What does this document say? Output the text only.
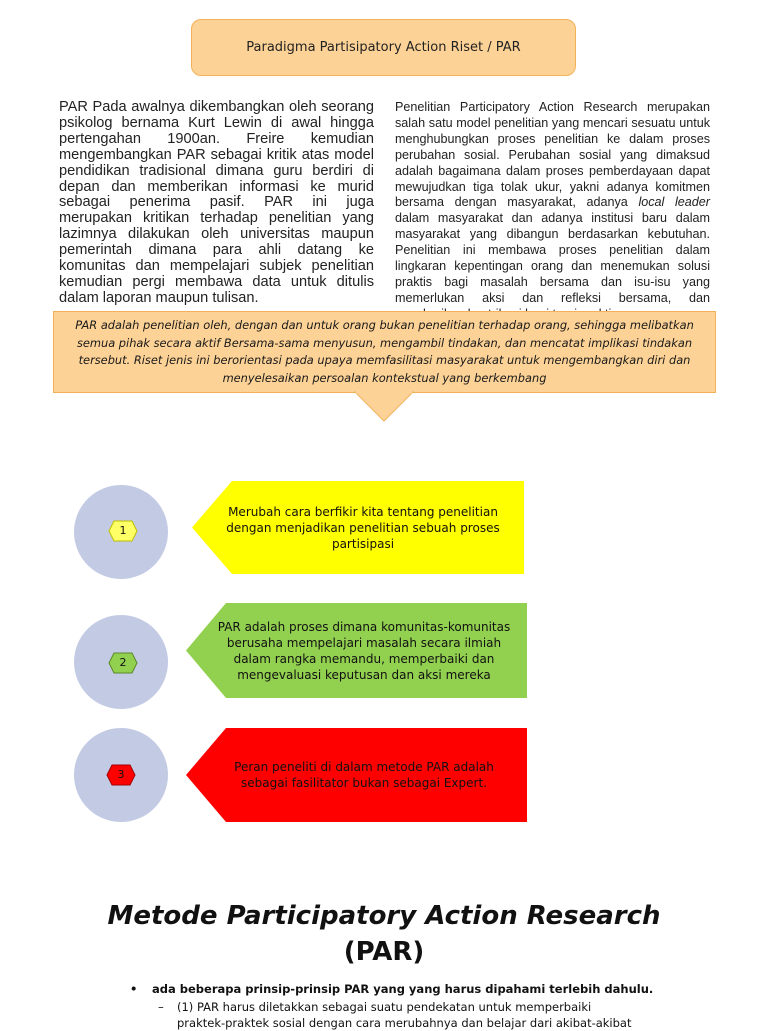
Paradigma Partisipatory Action Riset / PAR
PAR Pada awalnya dikembangkan oleh seorang psikolog bernama Kurt Lewin di awal hingga pertengahan 1900an. Freire kemudian mengembangkan PAR sebagai kritik atas model pendidikan tradisional dimana guru berdiri di depan dan memberikan informasi ke murid sebagai penerima pasif. PAR ini juga merupakan kritikan terhadap penelitian yang lazimnya dilakukan oleh universitas maupun pemerintah dimana para ahli datang ke komunitas dan mempelajari subjek penelitian kemudian pergi membawa data untuk ditulis dalam laporan maupun tulisan.
Penelitian Participatory Action Research merupakan salah satu model penelitian yang mencari sesuatu untuk menghubungkan proses penelitian ke dalam proses perubahan sosial. Perubahan sosial yang dimaksud adalah bagaimana dalam proses pemberdayaan dapat mewujudkan tiga tolak ukur, yakni adanya komitmen bersama dengan masyarakat, adanya local leader dalam masyarakat dan adanya institusi baru dalam masyarakat yang dibangun berdasarkan kebutuhan. Penelitian ini membawa proses penelitian dalam lingkaran kepentingan orang dan menemukan solusi praktis bagi masalah bersama dan isu-isu yang memerlukan aksi dan refleksi bersama, dan
PAR adalah penelitian oleh, dengan dan untuk orang bukan penelitian terhadap orang, sehingga melibatkan semua pihak secara aktif Bersama-sama menyusun, mengambil tindakan, dan mencatat implikasi tindakan tersebut. Riset jenis ini berorientasi pada upaya memfasilitasi masyarakat untuk mengembangkan diri dan menyelesaikan persoalan kontekstual yang berkembang
1
Merubah cara berfikir kita tentang penelitian dengan menjadikan penelitian sebuah proses partisipasi
2
PAR adalah proses dimana komunitas-komunitas berusaha mempelajari masalah secara ilmiah dalam rangka memandu, memperbaiki dan mengevaluasi keputusan dan aksi mereka
3
Peran peneliti di dalam metode PAR adalah sebagai fasilitator bukan sebagai Expert.
Metode Participatory Action Research
(PAR)
• ada beberapa prinsip-prinsip PAR yang yang harus dipahami terlebih dahulu.
– (1) PAR harus diletakkan sebagai suatu pendekatan untuk memperbaiki
praktek-praktek sosial dengan cara merubahnya dan belajar dari akibat-akibat
